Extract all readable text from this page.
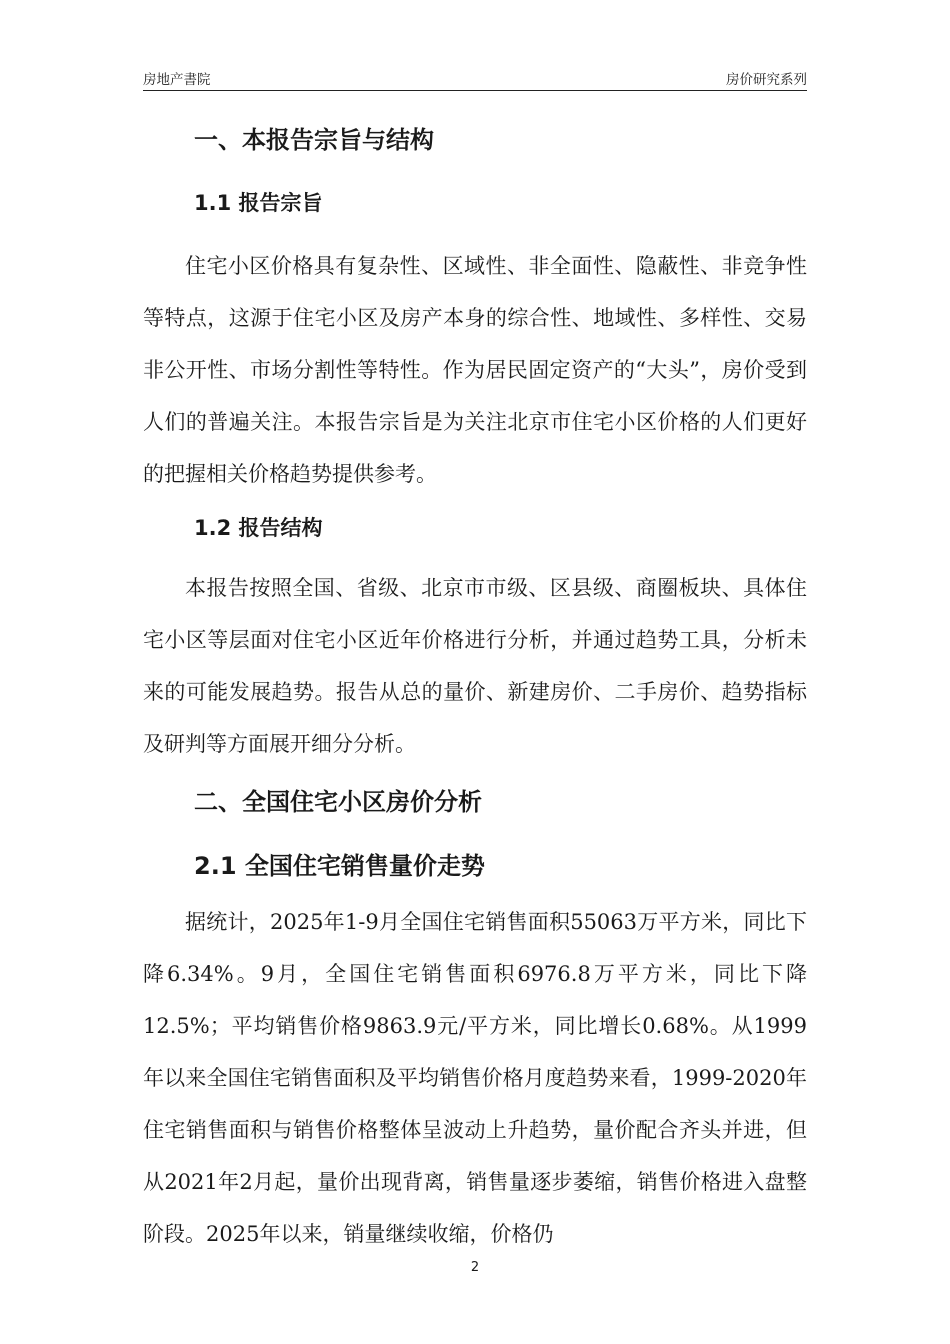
房地产書院	房价研究系列
一、本报告宗旨与结构
1.1 报告宗旨

住宅小区价格具有复杂性、区域性、非全面性、隐蔽性、非竞争性等特点，这源于住宅小区及房产本身的综合性、地域性、多样性、交易非公开性、市场分割性等特性。作为居民固定资产的“大头”，房价受到人们的普遍关注。本报告宗旨是为关注北京市住宅小区价格的人们更好的把握相关价格趋势提供参考。

1.2 报告结构

本报告按照全国、省级、北京市市级、区县级、商圈板块、具体住宅小区等层面对住宅小区近年价格进行分析，并通过趋势工具，分析未来的可能发展趋势。报告从总的量价、新建房价、二手房价、趋势指标及研判等方面展开细分分析。

二、全国住宅小区房价分析
2.1 全国住宅销售量价走势

据统计，2025年1-9月全国住宅销售面积55063万平方米，同比下降6.34%。9月，全国住宅销售面积6976.8万平方米，同比下降12.5%；平均销售价格9863.9元/平方米，同比增长0.68%。从1999年以来全国住宅销售面积及平均销售价格月度趋势来看，1999-2020年住宅销售面积与销售价格整体呈波动上升趋势，量价配合齐头并进，但从2021年2月起，量价出现背离，销售量逐步萎缩，销售价格进入盘整阶段。2025年以来，销量继续收缩，价格仍

2
